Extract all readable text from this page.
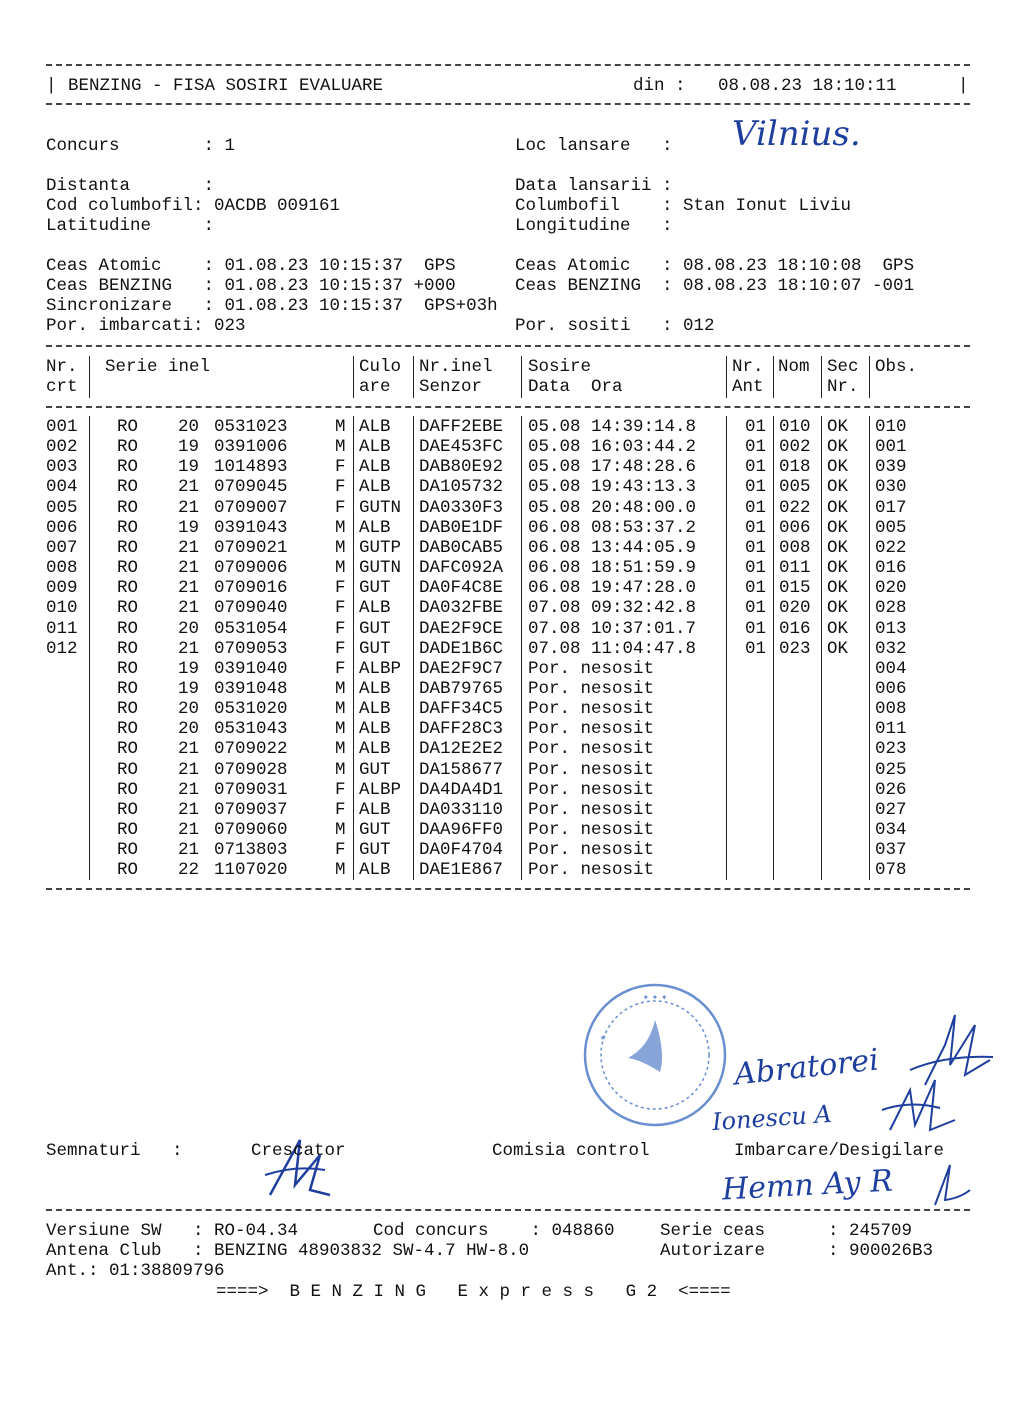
| BENZING - FISA SOSIRI EVALUARE	din : 08.08.23 18:10:11	|
Concurs        : 1	Loc lansare   : Vilnius.
Distanta       :	Data lansarii :
Cod columbofil: 0ACDB 009161	Columbofil    : Stan Ionut Liviu
Latitudine     :	Longitudine   :
Ceas Atomic    : 01.08.23 10:15:37  GPS	Ceas Atomic   : 08.08.23 18:10:08  GPS
Ceas BENZING   : 01.08.23 10:15:37 +000	Ceas BENZING  : 08.08.23 18:10:07 -001
Sincronizare   : 01.08.23 10:15:37  GPS+03h
Por. imbarcati: 023	Por. sositi   : 012
Nr.
crt
Serie inel	Culo
are
Nr.inel
Senzor
Sosire
Data  Ora
Nr.
Ant
Nom Sec
Nr.
Obs.
001 RO 20 0531023	M ALB DAFF2EBE 05.08 14:39:14.8	01 010 OK 010
002 RO 19 0391006	M ALB DAE453FC 05.08 16:03:44.2	01 002 OK 001
003 RO 19 1014893	F ALB DAB80E92 05.08 17:48:28.6	01 018 OK 039
004 RO 21 0709045	F ALB DA105732 05.08 19:43:13.3	01 005 OK 030
005 RO 21 0709007	F GUTN DA0330F3 05.08 20:48:00.0	01 022 OK 017
006 RO 19 0391043	M ALB DAB0E1DF 06.08 08:53:37.2	01 006 OK 005
007 RO 21 0709021	M GUTP DAB0CAB5 06.08 13:44:05.9	01 008 OK 022
008 RO 21 0709006	M GUTN DAFC092A 06.08 18:51:59.9	01 011 OK 016
009 RO 21 0709016	F GUT DA0F4C8E 06.08 19:47:28.0	01 015 OK 020
010 RO 21 0709040	F ALB DA032FBE 07.08 09:32:42.8	01 020 OK 028
011 RO 20 0531054	F GUT DAE2F9CE 07.08 10:37:01.7	01 016 OK 013
012 RO 21 0709053	F GUT DADE1B6C 07.08 11:04:47.8	01 023 OK 032
RO 19 0391040	F ALBP DAE2F9C7 Por. nesosit	004
RO 19 0391048	M ALB DAB79765 Por. nesosit	006
RO 20 0531020	M ALB DAFF34C5 Por. nesosit	008
RO 20 0531043	M ALB DAFF28C3 Por. nesosit	011
RO 21 0709022	M ALB DA12E2E2 Por. nesosit	023
RO 21 0709028	M GUT DA158677 Por. nesosit	025
RO 21 0709031	F ALBP DA4DA4D1 Por. nesosit	026
RO 21 0709037	F ALB DA033110 Por. nesosit	027
RO 21 0709060	M GUT DAA96FF0 Por. nesosit	034
RO 21 0713803	F GUT DA0F4704 Por. nesosit	037
RO 22 1107020	M ALB DAE1E867 Por. nesosit	078
✦ ✦ ✦
★
Abratorei
Ionescu A
Hemn Ay R
Semnaturi   :	Crescator	Comisia control	Imbarcare/Desigilare
Versiune SW   : RO-04.34	Cod concurs    : 048860	Serie ceas      : 245709
Antena Club   : BENZING 48903832 SW-4.7 HW-8.0	Autorizare      : 900026B3
Ant.: 01:38809796
====>  B E N Z I N G   E x p r e s s   G 2  <====
